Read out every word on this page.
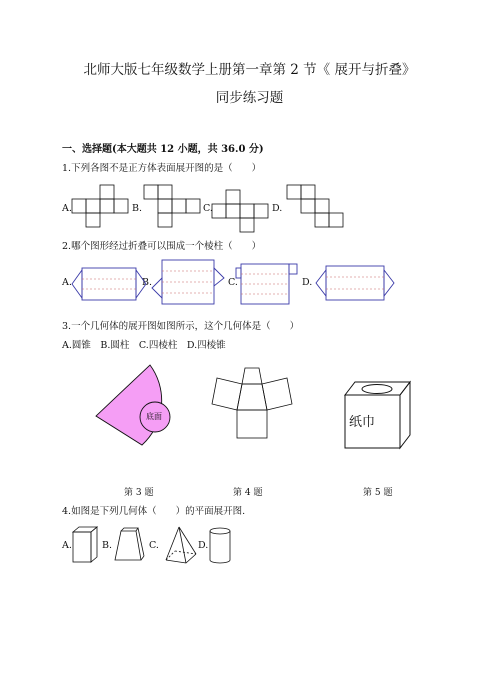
北师大版七年级数学上册第一章第 2 节《 展开与折叠》
同步练习题
一、选择题(本大题共 12 小题，共 36.0 分)
1.下列各图不是正方体表面展开图的是（　　）
A.	B.	C.	D.
2.哪个图形经过折叠可以围成一个棱柱（　　）
A.	B.	C.	D.
3.一个几何体的展开图如图所示，这个几何体是（　　）
A.圆锥　B.圆柱　C.四棱柱　D.四棱锥
底面	纸巾
第 3 题	第 4 题	第 5 题
4.如图是下列几何体（　　）的平面展开图.
A.	B.	C.	D.
